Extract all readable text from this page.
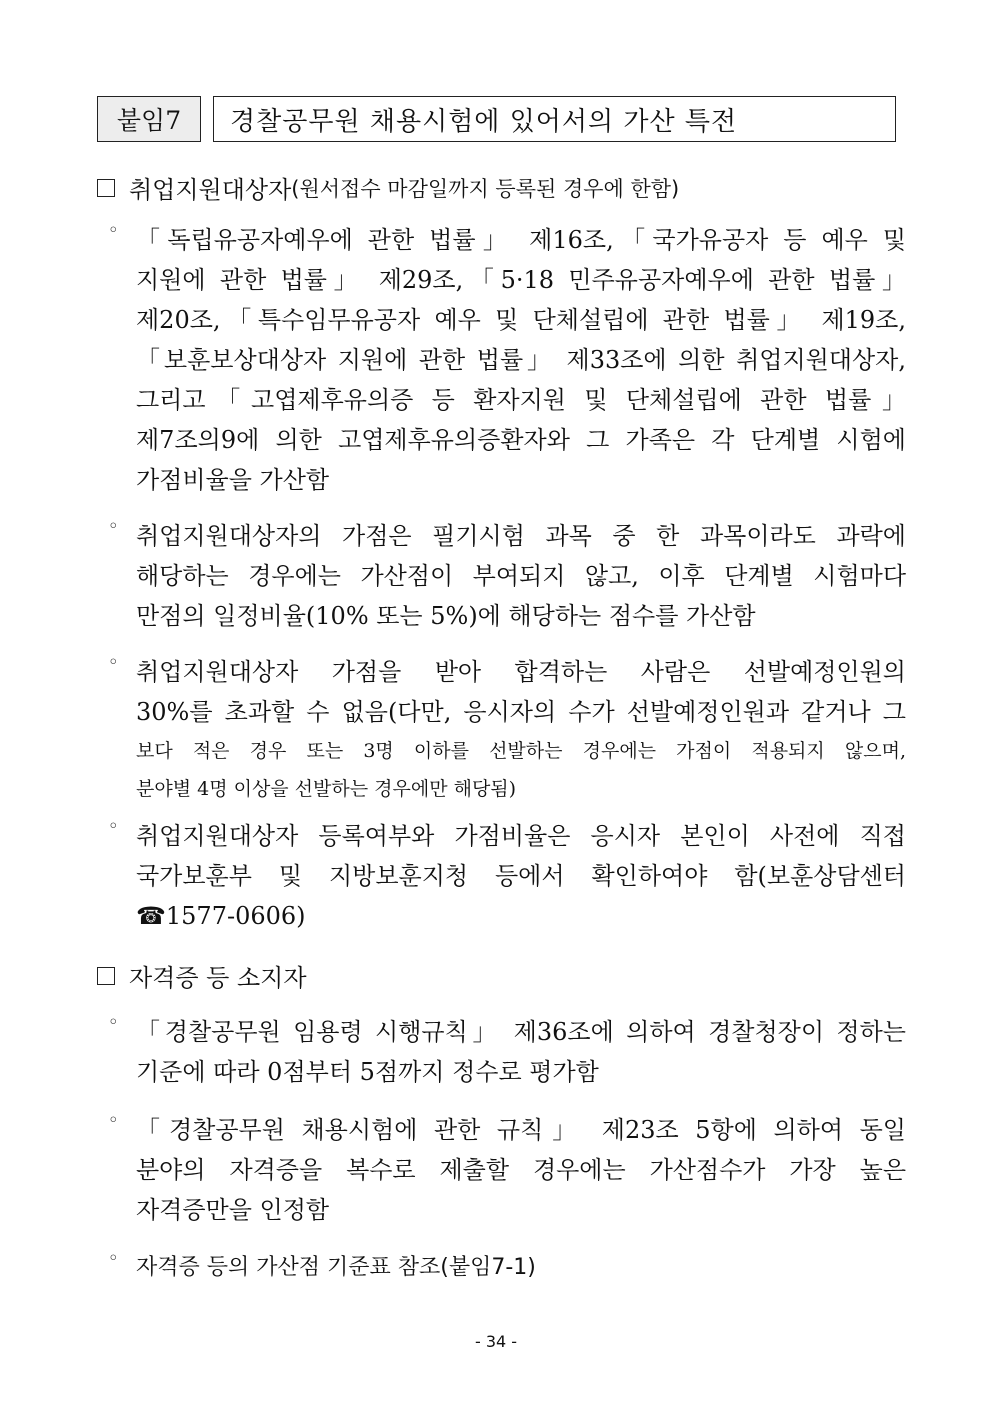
붙임7	경찰공무원 채용시험에 있어서의 가산 특전
취업지원대상자 (원서접수 마감일까지 등록된 경우에 한함)
◦ 「독립유공자예우에 관한 법률」 제16조,「국가유공자 등 예우 및
지원에 관한 법률」 제29조,「5·18 민주유공자예우에 관한 법률」
제20조,「특수임무유공자 예우 및 단체설립에 관한 법률」 제19조,
「보훈보상대상자 지원에 관한 법률」 제33조에 의한 취업지원대상자,
그리고「고엽제후유의증 등 환자지원 및 단체설립에 관한 법률」
제7조의9에 의한 고엽제후유의증환자와 그 가족은 각 단계별 시험에
가점비율을 가산함
◦ 취업지원대상자의 가점은 필기시험 과목 중 한 과목이라도 과락에
해당하는 경우에는 가산점이 부여되지 않고, 이후 단계별 시험마다
만점의 일정비율(10% 또는 5%)에 해당하는 점수를 가산함
◦ 취업지원대상자 가점을 받아 합격하는 사람은 선발예정인원의
30%를 초과할 수 없음(다만, 응시자의 수가 선발예정인원과 같거나 그
보다 적은 경우 또는 3명 이하를 선발하는 경우에는 가점이 적용되지 않으며,
분야별 4명 이상을 선발하는 경우에만 해당됨)
◦ 취업지원대상자 등록여부와 가점비율은 응시자 본인이 사전에 직접
국가보훈부 및 지방보훈지청 등에서 확인하여야 함(보훈상담센터
☎1577-0606)
자격증 등 소지자
◦ 「경찰공무원 임용령 시행규칙」 제36조에 의하여 경찰청장이 정하는
기준에 따라 0점부터 5점까지 정수로 평가함
◦ 「경찰공무원 채용시험에 관한 규칙」 제23조 5항에 의하여 동일
분야의 자격증을 복수로 제출할 경우에는 가산점수가 가장 높은
자격증만을 인정함
◦ 자격증 등의 가산점 기준표 참조(붙임7-1)
- 34 -
